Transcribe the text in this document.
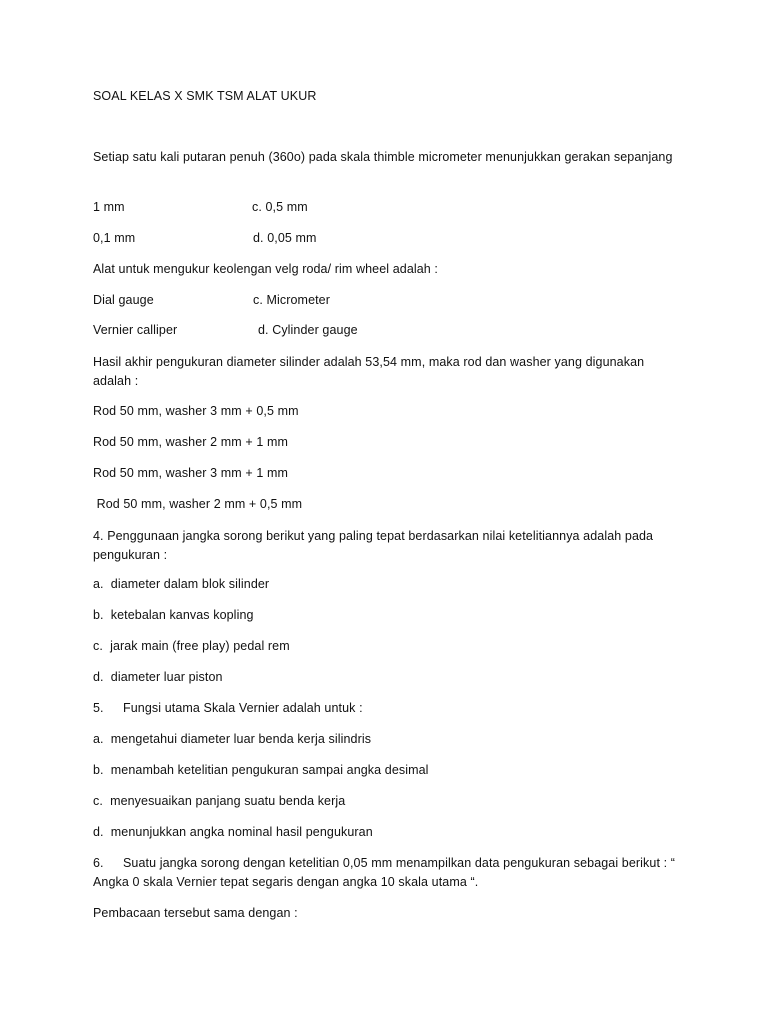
SOAL KELAS X SMK TSM ALAT UKUR
Setiap satu kali putaran penuh (360o) pada skala thimble micrometer menunjukkan gerakan sepanjang
1 mm	c. 0,5 mm
0,1 mm	d. 0,05 mm
Alat untuk mengukur keolengan velg roda/ rim wheel adalah :
Dial gauge	c. Micrometer
Vernier calliper	d. Cylinder gauge
Hasil akhir pengukuran diameter silinder adalah 53,54 mm, maka rod dan washer yang digunakan adalah :
Rod 50 mm, washer 3 mm + 0,5 mm
Rod 50 mm, washer 2 mm + 1 mm
Rod 50 mm, washer 3 mm + 1 mm
Rod 50 mm, washer 2 mm + 0,5 mm
4. Penggunaan jangka sorong berikut yang paling tepat berdasarkan nilai ketelitiannya adalah pada pengukuran :
a.  diameter dalam blok silinder
b.  ketebalan kanvas kopling
c.  jarak main (free play) pedal rem
d.  diameter luar piston
5. Fungsi utama Skala Vernier adalah untuk :
a.  mengetahui diameter luar benda kerja silindris
b.  menambah ketelitian pengukuran sampai angka desimal
c.  menyesuaikan panjang suatu benda kerja
d.  menunjukkan angka nominal hasil pengukuran
6. Suatu jangka sorong dengan ketelitian 0,05 mm menampilkan data pengukuran sebagai berikut : “ Angka 0 skala Vernier tepat segaris dengan angka 10 skala utama “.
Pembacaan tersebut sama dengan :
